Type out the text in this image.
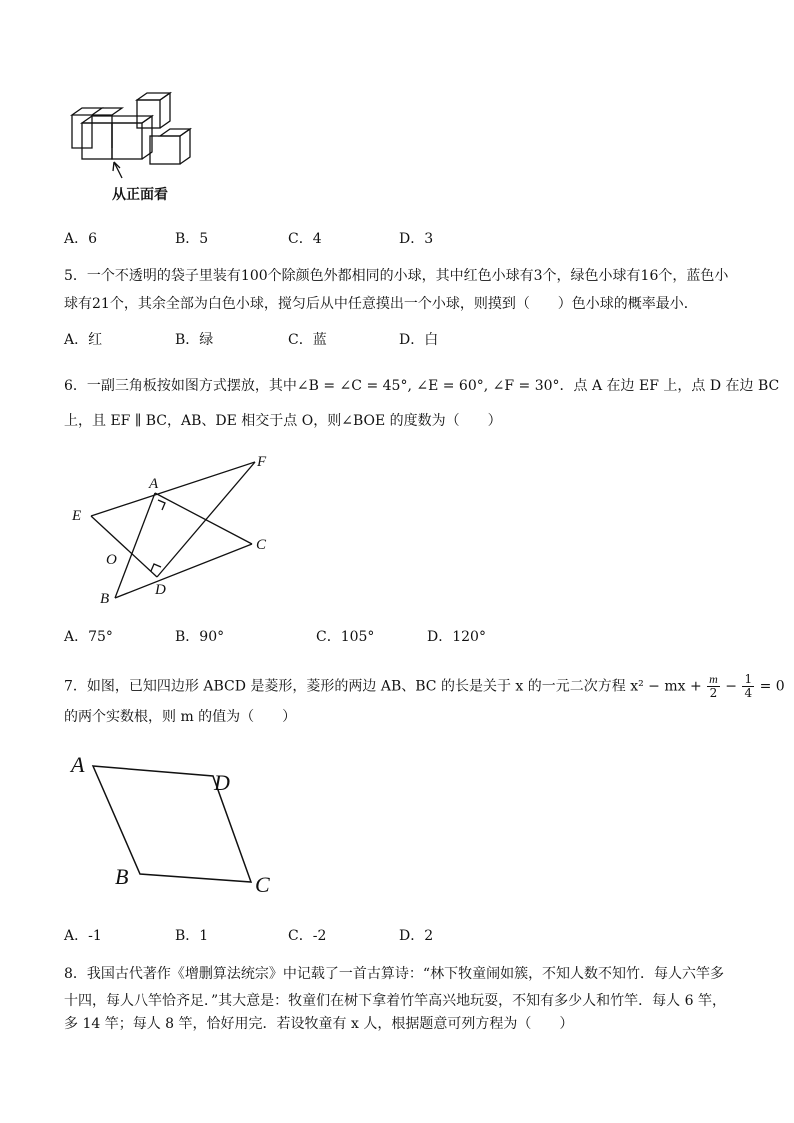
从正面看
A．6	B．5	C．4	D．3
5．一个不透明的袋子里装有100个除颜色外都相同的小球，其中红色小球有3个，绿色小球有16个，蓝色小
球有21个，其余全部为白色小球，搅匀后从中任意摸出一个小球，则摸到（　　）色小球的概率最小．
A．红	B．绿	C．蓝	D．白
6．一副三角板按如图方式摆放，其中∠B = ∠C = 45°, ∠E = 60°, ∠F = 30°．点 A 在边 EF 上，点 D 在边 BC
上，且 EF ∥ BC，AB、DE 相交于点 O，则∠BOE 的度数为（　　）
A
F
E
C
O
D
B
A．75°	B．90°	C．105°	D．120°
7．如图，已知四边形 ABCD 是菱形，菱形的两边 AB、BC 的长是关于 x 的一元二次方程 x² − mx + $\frac{m}{2} - \frac{1}{4} = 0$
的两个实数根，则 m 的值为（　　）
A
D
B	C
A．-1	B．1	C．-2	D．2
8．我国古代著作《增删算法统宗》中记载了一首古算诗：“林下牧童闹如簇，不知人数不知竹．每人六竿多
十四，每人八竿恰齐足．”其大意是：牧童们在树下拿着竹竿高兴地玩耍，不知有多少人和竹竿．每人 6 竿，
多 14 竿；每人 8 竿，恰好用完．若设牧童有 x 人，根据题意可列方程为（　　）
